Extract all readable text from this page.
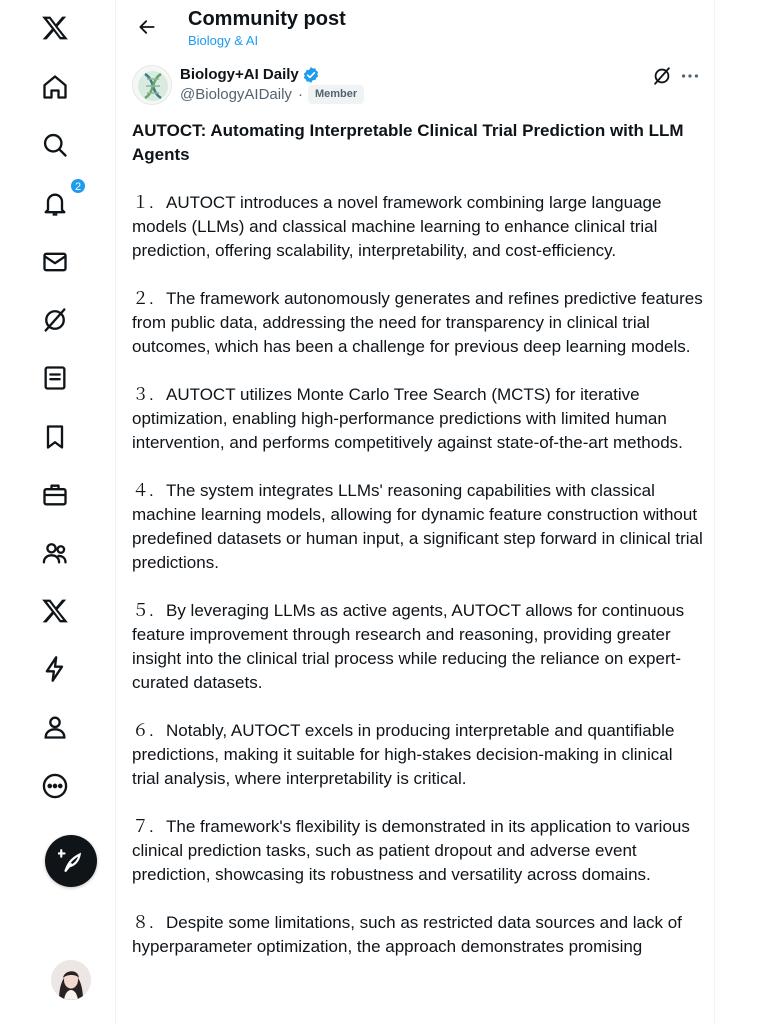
2
Community post
Biology & AI
Biology+AI Daily
@BiologyAIDaily ·	Member
AUTOCT: Automating Interpretable Clinical Trial Prediction with LLM Agents
１. AUTOCT introduces a novel framework combining large language models (LLMs) and classical machine learning to enhance clinical trial prediction, offering scalability, interpretability, and cost-efficiency.
２. The framework autonomously generates and refines predictive features from public data, addressing the need for transparency in clinical trial outcomes, which has been a challenge for previous deep learning models.
３. AUTOCT utilizes Monte Carlo Tree Search (MCTS) for iterative optimization, enabling high-performance predictions with limited human intervention, and performs competitively against state-of-the-art methods.
４. The system integrates LLMs' reasoning capabilities with classical machine learning models, allowing for dynamic feature construction without predefined datasets or human input, a significant step forward in clinical trial predictions.
５. By leveraging LLMs as active agents, AUTOCT allows for continuous feature improvement through research and reasoning, providing greater insight into the clinical trial process while reducing the reliance on expert-curated datasets.
６. Notably, AUTOCT excels in producing interpretable and quantifiable predictions, making it suitable for high-stakes decision-making in clinical trial analysis, where interpretability is critical.
７. The framework's flexibility is demonstrated in its application to various clinical prediction tasks, such as patient dropout and adverse event prediction, showcasing its robustness and versatility across domains.
８. Despite some limitations, such as restricted data sources and lack of hyperparameter optimization, the approach demonstrates promising
